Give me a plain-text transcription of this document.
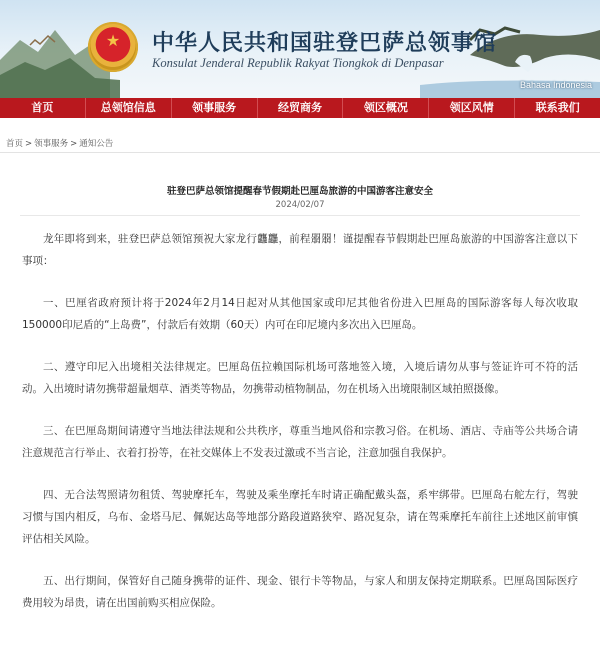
★ 中华人民共和国驻登巴萨总领事馆
Konsulat Jenderal Republik Rakyat Tiongkok di Denpasar
Bahasa Indonesia
首页	总领馆信息	领事服务	经贸商务	领区概况	领区风情	联系我们
首页 > 领事服务 > 通知公告
驻登巴萨总领馆提醒春节假期赴巴厘岛旅游的中国游客注意安全
2024/02/07

龙年即将到来，驻登巴萨总领馆预祝大家龙行龘龘，前程朤朤！谨提醒春节假期赴巴厘岛旅游的中国游客注意以下事项：

一、巴厘省政府预计将于2024年2月14日起对从其他国家或印尼其他省份进入巴厘岛的国际游客每人每次收取150000印尼盾的“上岛费”，付款后有效期（60天）内可在印尼境内多次出入巴厘岛。

二、遵守印尼入出境相关法律规定。巴厘岛伍拉赖国际机场可落地签入境，入境后请勿从事与签证许可不符的活动。入出境时请勿携带超量烟草、酒类等物品，勿携带动植物制品，勿在机场入出境限制区域拍照摄像。

三、在巴厘岛期间请遵守当地法律法规和公共秩序，尊重当地风俗和宗教习俗。在机场、酒店、寺庙等公共场合请注意规范言行举止、衣着打扮等，在社交媒体上不发表过激或不当言论，注意加强自我保护。

四、无合法驾照请勿租赁、驾驶摩托车，驾驶及乘坐摩托车时请正确配戴头盔，系牢绑带。巴厘岛右舵左行，驾驶习惯与国内相反，乌布、金塔马尼、佩妮达岛等地部分路段道路狭窄、路况复杂，请在驾乘摩托车前往上述地区前审慎评估相关风险。

五、出行期间，保管好自己随身携带的证件、现金、银行卡等物品，与家人和朋友保持定期联系。巴厘岛国际医疗费用较为昂贵，请在出国前购买相应保险。
